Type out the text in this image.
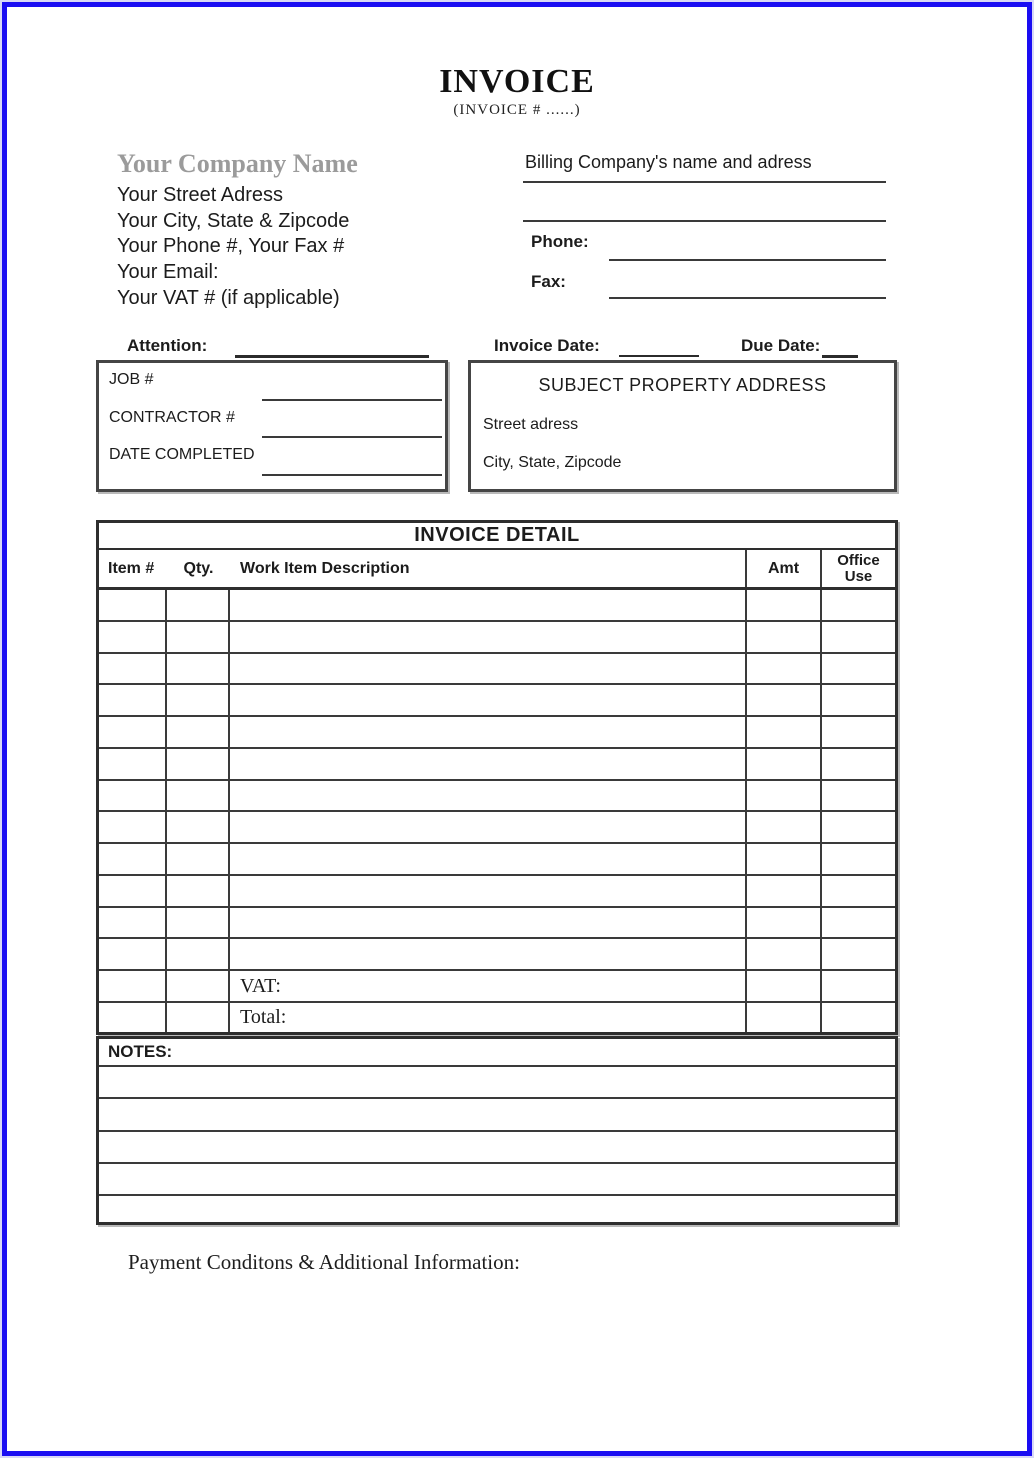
INVOICE
(INVOICE # ......)
Your Company Name
Your Street Adress
Your City, State & Zipcode
Your Phone #, Your Fax #
Your Email:
Your VAT # (if applicable)
Billing Company's name and adress
Phone:
Fax:
Attention:	Invoice Date:	Due Date:
JOB #
CONTRACTOR #
DATE COMPLETED
SUBJECT PROPERTY ADDRESS
Street adress
City, State, Zipcode
INVOICE DETAIL
Item #	Qty.	Work Item Description	Amt	Office Use
VAT:
Total:
NOTES:
Payment Conditons & Additional Information:
